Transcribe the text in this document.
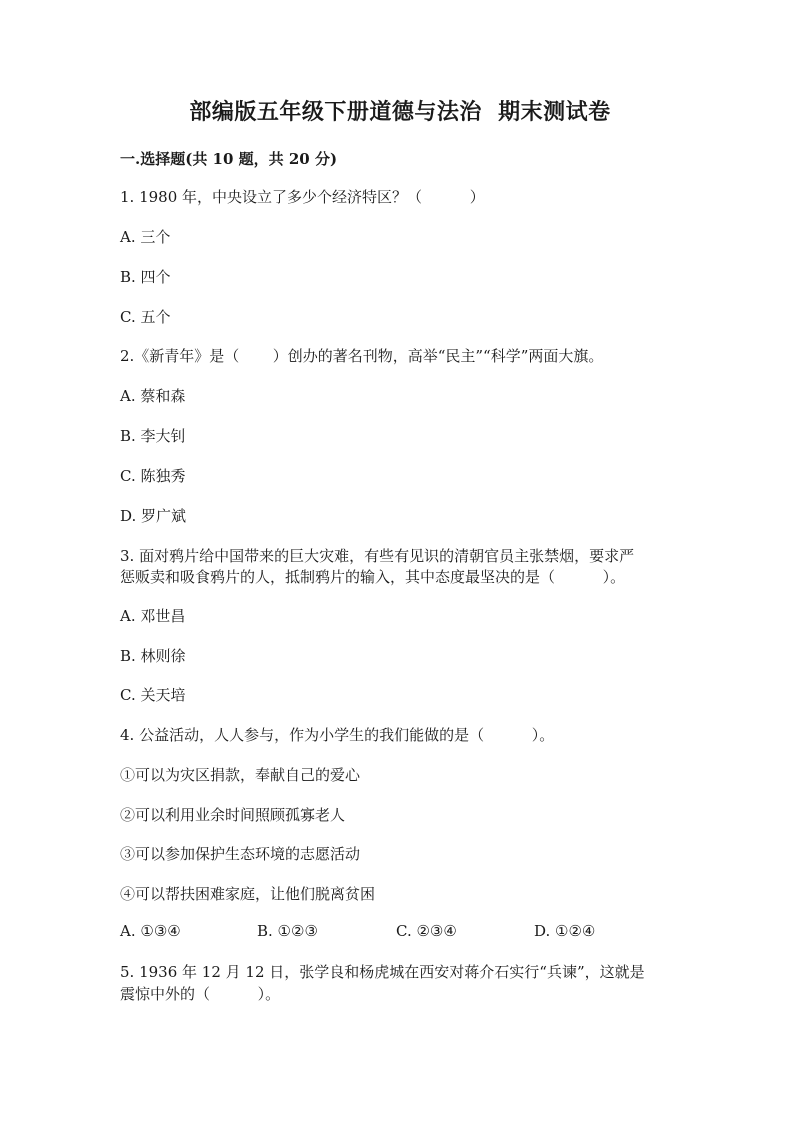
部编版五年级下册道德与法治  期末测试卷
一.选择题(共 10 题，共 20 分)
1. 1980 年，中央设立了多少个经济特区？（          ）
A. 三个
B. 四个
C. 五个
2.《新青年》是（       ）创办的著名刊物，高举“民主”“科学”两面大旗。
A. 蔡和森
B. 李大钊
C. 陈独秀
D. 罗广斌
3. 面对鸦片给中国带来的巨大灾难，有些有见识的清朝官员主张禁烟，要求严
惩贩卖和吸食鸦片的人，抵制鸦片的输入，其中态度最坚决的是（          ）。
A. 邓世昌
B. 林则徐
C. 关天培
4. 公益活动，人人参与，作为小学生的我们能做的是（          ）。
①可以为灾区捐款，奉献自己的爱心
②可以利用业余时间照顾孤寡老人
③可以参加保护生态环境的志愿活动
④可以帮扶困难家庭，让他们脱离贫困
A. ①③④	B. ①②③	C. ②③④	D. ①②④
5. 1936 年 12 月 12 日，张学良和杨虎城在西安对蒋介石实行“兵谏”，这就是
震惊中外的（          ）。
